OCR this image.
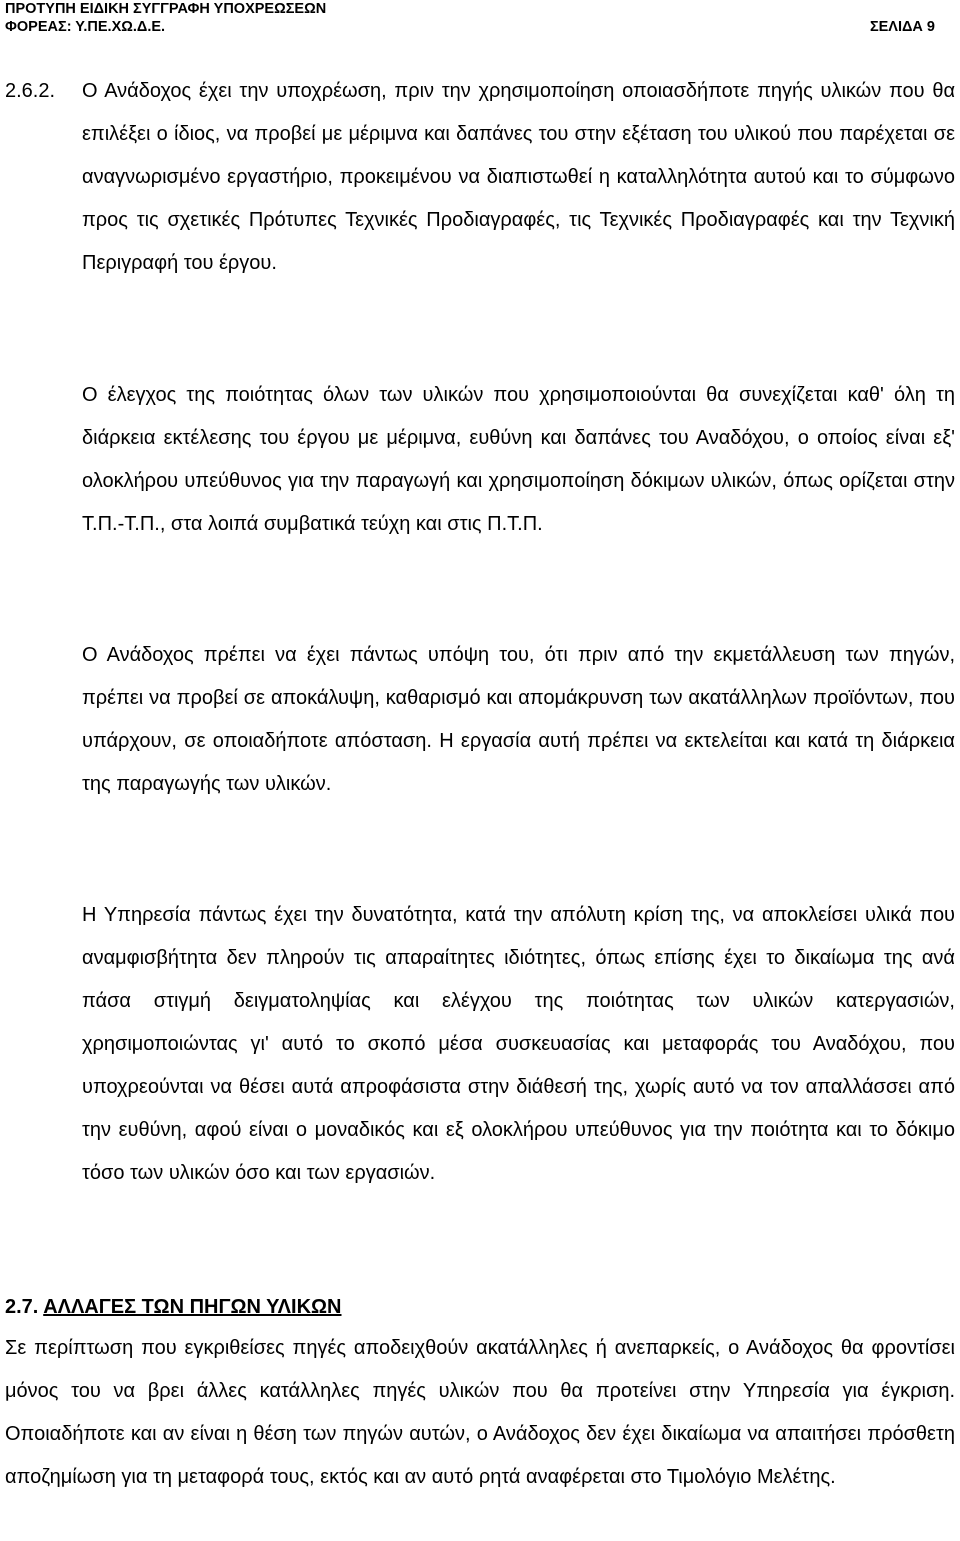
ΠΡΟΤΥΠΗ ΕΙΔΙΚΗ ΣΥΓΓΡΑΦΗ ΥΠΟΧΡΕΩΣΕΩΝ
ΦΟΡΕΑΣ: Υ.ΠΕ.ΧΩ.Δ.Ε.	ΣΕΛΙΔΑ 9

2.6.2. Ο Ανάδοχος έχει την υποχρέωση, πριν την χρησιμοποίηση οποιασδήποτε πηγής υλικών που θα επιλέξει ο ίδιος, να προβεί με μέριμνα και δαπάνες του στην εξέταση του υλικού που παρέχεται σε αναγνωρισμένο εργαστήριο, προκειμένου να διαπιστωθεί η καταλληλότητα αυτού και το σύμφωνο προς τις σχετικές Πρότυπες Τεχνικές Προδιαγραφές, τις Τεχνικές Προδιαγραφές και την Τεχνική Περιγραφή του έργου.

Ο έλεγχος της ποιότητας όλων των υλικών που χρησιμοποιούνται θα συνεχίζεται καθ' όλη τη διάρκεια εκτέλεσης του έργου με μέριμνα, ευθύνη και δαπάνες του Αναδόχου, ο οποίος είναι εξ' ολοκλήρου υπεύθυνος για την παραγωγή και χρησιμοποίηση δόκιμων υλικών, όπως ορίζεται στην Τ.Π.-Τ.Π., στα λοιπά συμβατικά τεύχη και στις Π.Τ.Π.

Ο Ανάδοχος πρέπει να έχει πάντως υπόψη του, ότι πριν από την εκμετάλλευση των πηγών, πρέπει να προβεί σε αποκάλυψη, καθαρισμό και απομάκρυνση των ακατάλληλων προϊόντων, που υπάρχουν, σε οποιαδήποτε απόσταση. Η εργασία αυτή πρέπει να εκτελείται και κατά τη διάρκεια της παραγωγής των υλικών.

Η Υπηρεσία πάντως έχει την δυνατότητα, κατά την απόλυτη κρίση της, να αποκλείσει υλικά που αναμφισβήτητα δεν πληρούν τις απαραίτητες ιδιότητες, όπως επίσης έχει το δικαίωμα της ανά πάσα στιγμή δειγματοληψίας και ελέγχου της ποιότητας των υλικών κατεργασιών, χρησιμοποιώντας γι' αυτό το σκοπό μέσα συσκευασίας και μεταφοράς του Αναδόχου, που υποχρεούνται να θέσει αυτά απροφάσιστα στην διάθεσή της, χωρίς αυτό να τον απαλλάσσει από την ευθύνη, αφού είναι ο μοναδικός και εξ ολοκλήρου υπεύθυνος για την ποιότητα και το δόκιμο τόσο των υλικών όσο και των εργασιών.

2.7. ΑΛΛΑΓΕΣ ΤΩΝ ΠΗΓΩΝ ΥΛΙΚΩΝ

Σε περίπτωση που εγκριθείσες πηγές αποδειχθούν ακατάλληλες ή ανεπαρκείς, ο Ανάδοχος θα φροντίσει μόνος του να βρει άλλες κατάλληλες πηγές υλικών που θα προτείνει στην Υπηρεσία για έγκριση. Οποιαδήποτε και αν είναι η θέση των πηγών αυτών, ο Ανάδοχος δεν έχει δικαίωμα να απαιτήσει πρόσθετη αποζημίωση για τη μεταφορά τους, εκτός και αν αυτό ρητά αναφέρεται στο Τιμολόγιο Μελέτης.
